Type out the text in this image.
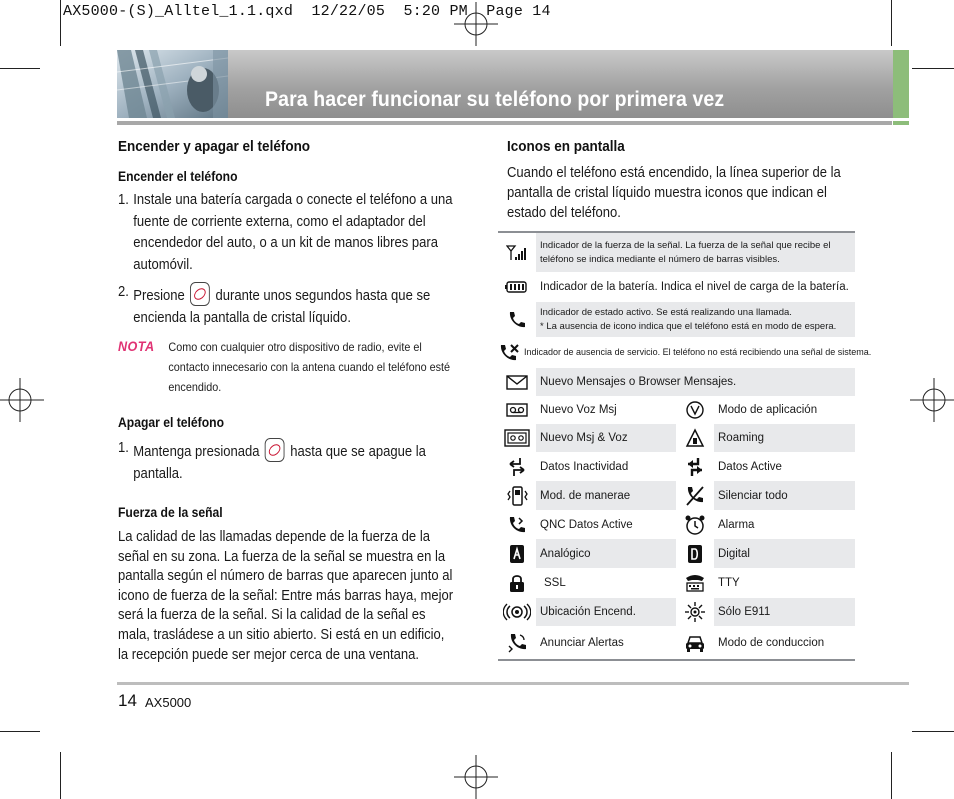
AX5000-(S)_Alltel_1.1.qxd  12/22/05  5:20 PM  Page 14
Para hacer funcionar su teléfono por primera vez

Encender y apagar el teléfono

Encender el teléfono

1. Instale una batería cargada o conecte el teléfono a una fuente de corriente externa, como el adaptador del encendedor del auto, o a un kit de manos libres para automóvil.
2. Presione durante unos segundos hasta que se encienda la pantalla de cristal líquido.
NOTA	Como con cualquier otro dispositivo de radio, evite el contacto innecesario con la antena cuando el teléfono esté encendido.

Apagar el teléfono

1. Mantenga presionada hasta que se apague la pantalla.

Fuerza de la señal

La calidad de las llamadas depende de la fuerza de la señal en su zona. La fuerza de la señal se muestra en la pantalla según el número de barras que aparecen junto al icono de fuerza de la señal: Entre más barras haya, mejor será la fuerza de la señal. Si la calidad de la señal es mala, trasládese a un sitio abierto. Si está en un edificio, la recepción puede ser mejor cerca de una ventana.

Iconos en pantalla

Cuando el teléfono está encendido, la línea superior de la pantalla de cristal líquido muestra iconos que indican el estado del teléfono.

Indicador de la fuerza de la señal. La fuerza de la señal que recibe el teléfono se indica mediante el número de barras visibles.
Indicador de la batería. Indica el nivel de carga de la batería.
Indicador de estado activo. Se está realizando una llamada.
* La ausencia de icono indica que el teléfono está en modo de espera.
Indicador de ausencia de servicio. El teléfono no está recibiendo una señal de sistema.
Nuevo Mensajes o Browser Mensajes.
Nuevo Voz Msj	Modo de aplicación
Nuevo Msj & Voz	Roaming
Datos Inactividad	Datos Active
Mod. de manerae	Silenciar todo
QNC Datos Active	Alarma
Analógico	Digital
SSL	TTY
Ubicación Encend.	Sólo E911
Anunciar Alertas	Modo de conduccion
14 AX5000
